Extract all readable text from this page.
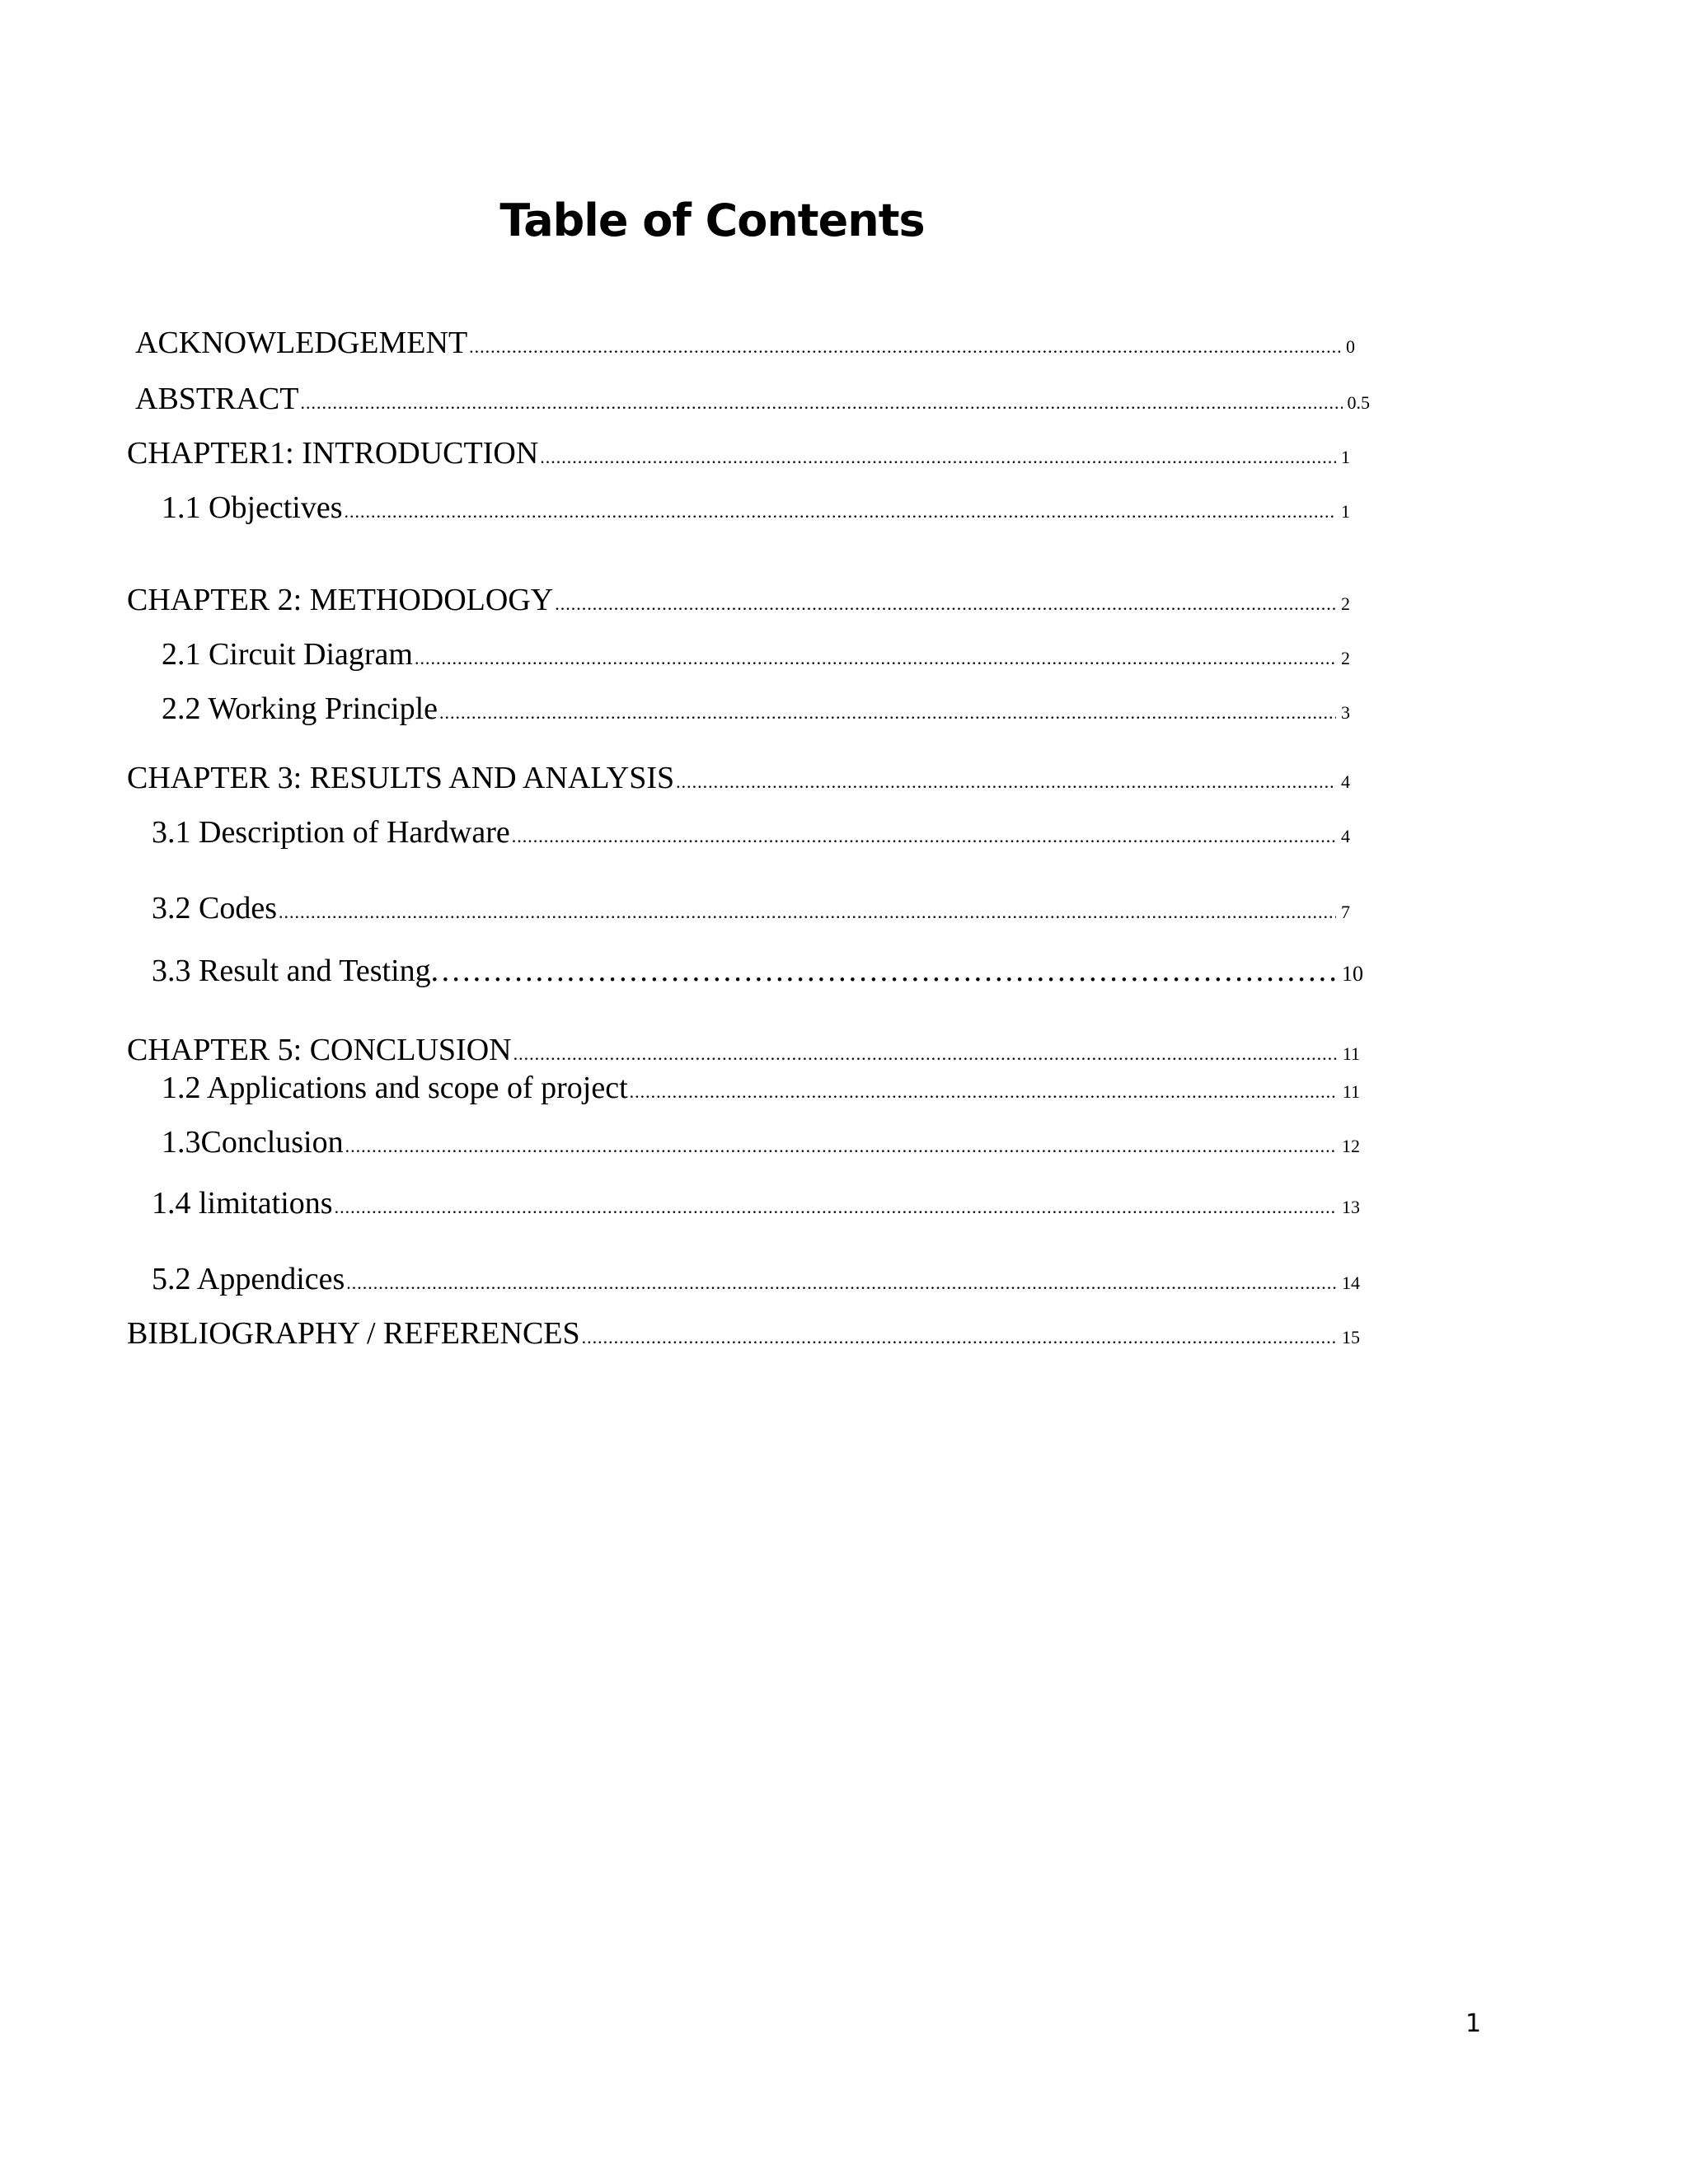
Table of Contents
ACKNOWLEDGEMENT .....	0
ABSTRACT .....	0.5
CHAPTER1: INTRODUCTION .....	1
1.1 Objectives .....	1
CHAPTER 2: METHODOLOGY .....	2
2.1 Circuit Diagram .....	2
2.2 Working Principle .....	3
CHAPTER 3: RESULTS AND ANALYSIS .....	4
3.1 Description of Hardware .....	4
3.2 Codes .....	7
3.3 Result and Testing. ……………………………………………………………………………………………………………………………………………………………………………………	10
CHAPTER 5: CONCLUSION .....	11
1.2 Applications and scope of project .....	11
1.3Conclusion .....	12
1.4 limitations .....	13
5.2 Appendices .....	14
BIBLIOGRAPHY / REFERENCES .....	15
1
